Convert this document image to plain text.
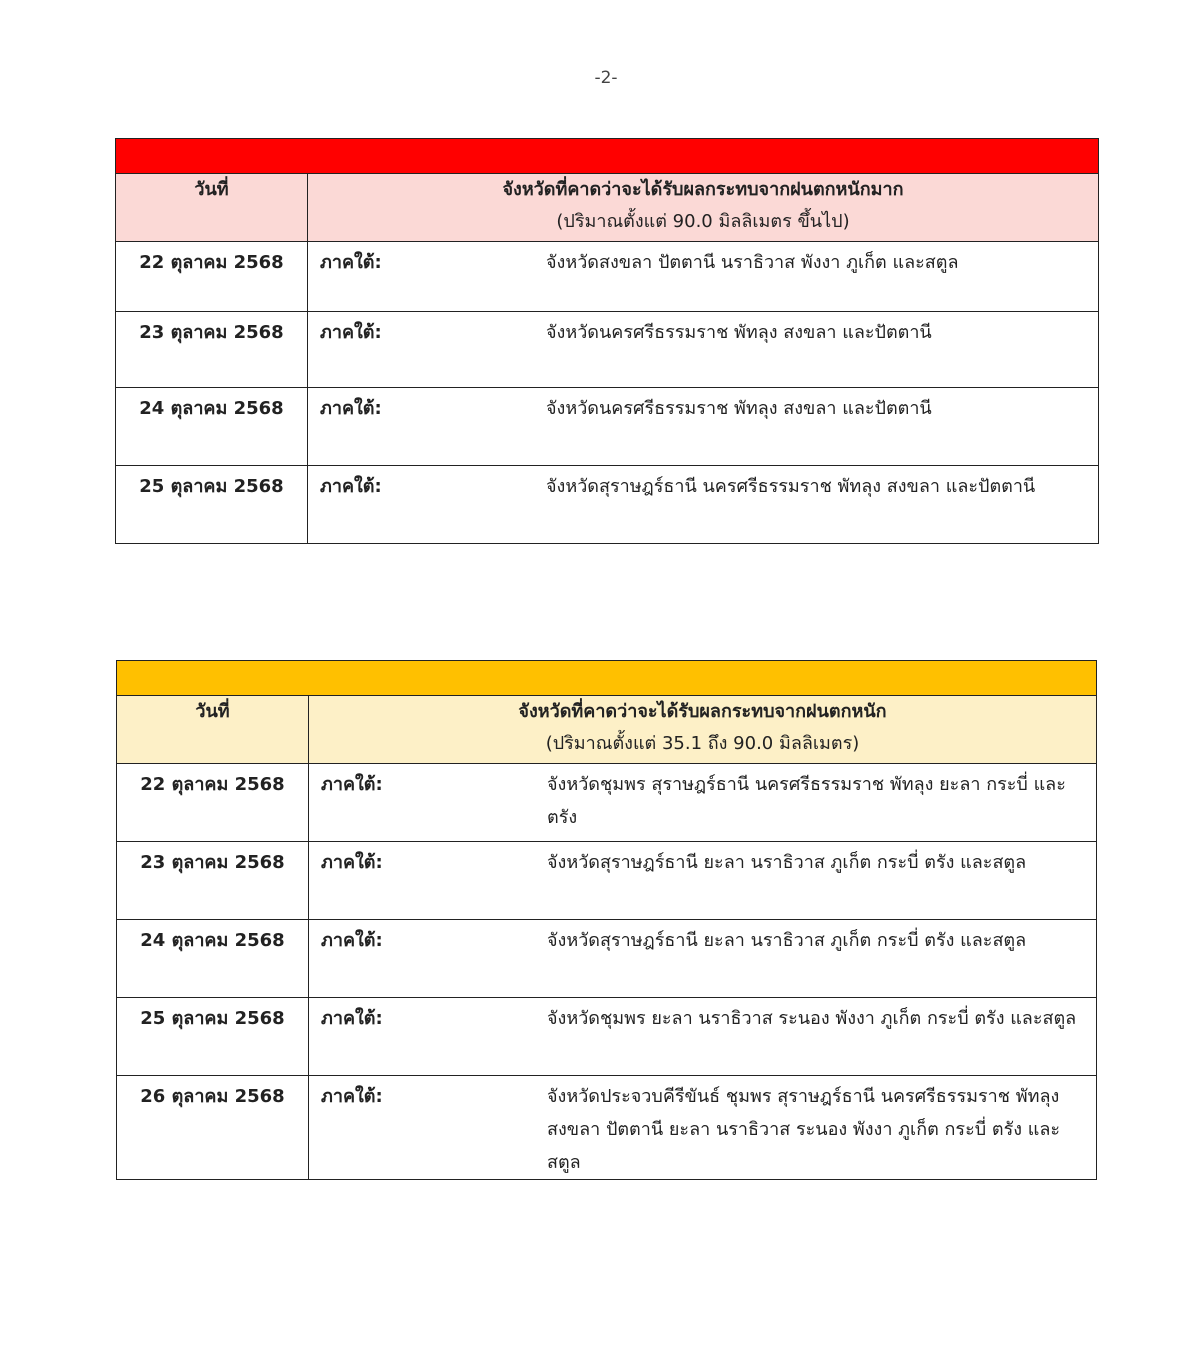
-2-

วันที่	จังหวัดที่คาดว่าจะได้รับผลกระทบจากฝนตกหนักมาก
(ปริมาณตั้งแต่ 90.0 มิลลิเมตร ขึ้นไป)

22 ตุลาคม 2568	ภาคใต้: จังหวัดสงขลา ปัตตานี นราธิวาส พังงา ภูเก็ต และสตูล

23 ตุลาคม 2568	ภาคใต้: จังหวัดนครศรีธรรมราช พัทลุง สงขลา และปัตตานี

24 ตุลาคม 2568	ภาคใต้: จังหวัดนครศรีธรรมราช พัทลุง สงขลา และปัตตานี

25 ตุลาคม 2568	ภาคใต้: จังหวัดสุราษฎร์ธานี นครศรีธรรมราช พัทลุง สงขลา และปัตตานี

วันที่	จังหวัดที่คาดว่าจะได้รับผลกระทบจากฝนตกหนัก
(ปริมาณตั้งแต่ 35.1 ถึง 90.0 มิลลิเมตร)

22 ตุลาคม 2568	ภาคใต้: จังหวัดชุมพร สุราษฎร์ธานี นครศรีธรรมราช พัทลุง ยะลา กระบี่ และตรัง

23 ตุลาคม 2568	ภาคใต้: จังหวัดสุราษฎร์ธานี ยะลา นราธิวาส ภูเก็ต กระบี่ ตรัง และสตูล

24 ตุลาคม 2568	ภาคใต้: จังหวัดสุราษฎร์ธานี ยะลา นราธิวาส ภูเก็ต กระบี่ ตรัง และสตูล

25 ตุลาคม 2568	ภาคใต้: จังหวัดชุมพร ยะลา นราธิวาส ระนอง พังงา ภูเก็ต กระบี่ ตรัง และสตูล

26 ตุลาคม 2568	ภาคใต้: จังหวัดประจวบคีรีขันธ์ ชุมพร สุราษฎร์ธานี นครศรีธรรมราช พัทลุง สงขลา ปัตตานี ยะลา นราธิวาส ระนอง พังงา ภูเก็ต กระบี่ ตรัง และสตูล
